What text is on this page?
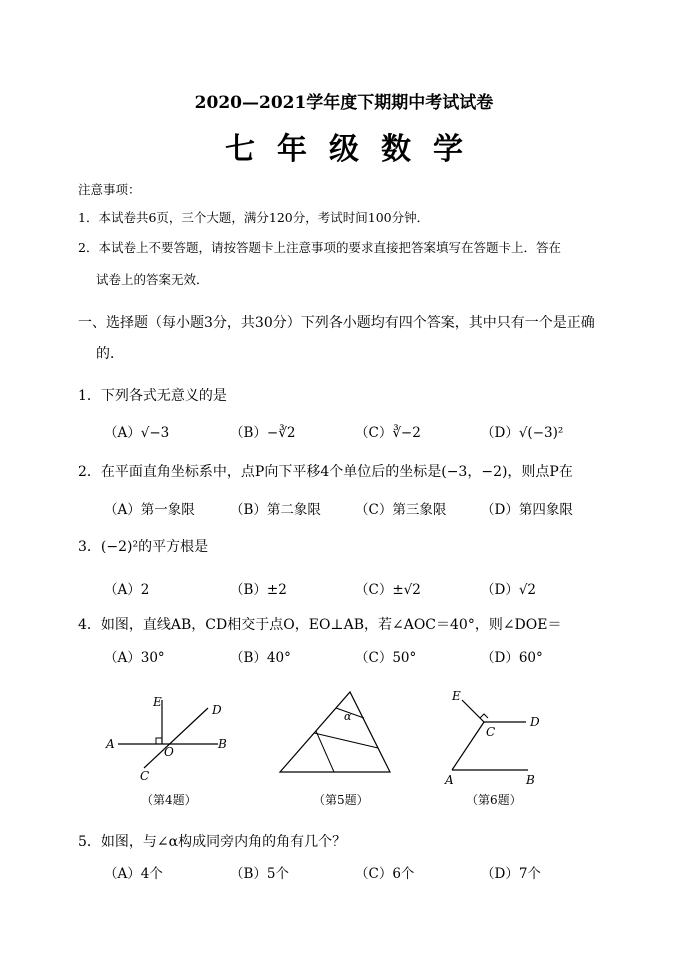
2020—2021学年度下期期中考试试卷
七年级数学
注意事项：
1．本试卷共6页，三个大题，满分120分，考试时间100分钟．
2．本试卷上不要答题，请按答题卡上注意事项的要求直接把答案填写在答题卡上．答在
试卷上的答案无效．
一、选择题（每小题3分，共30分）下列各小题均有四个答案，其中只有一个是正确
的．
1．下列各式无意义的是
（A）√−3	（B）−∛2	（C）∛−2	（D）√(−3)²
2．在平面直角坐标系中，点P向下平移4个单位后的坐标是(−3，−2)，则点P在
（A）第一象限	（B）第二象限	（C）第三象限	（D）第四象限
3．(−2)²的平方根是
（A）2	（B）±2	（C）±√2	（D）√2
4．如图，直线AB，CD相交于点O，EO⊥AB，若∠AOC＝40°，则∠DOE＝
（A）30°	（B）40°	（C）50°	（D）60°
E
D
A
O
B
C
（第4题）
α
（第5题）
E
C
D
A	B
（第6题）
5．如图，与∠α构成同旁内角的角有几个？
（A）4个	（B）5个	（C）6个	（D）7个
